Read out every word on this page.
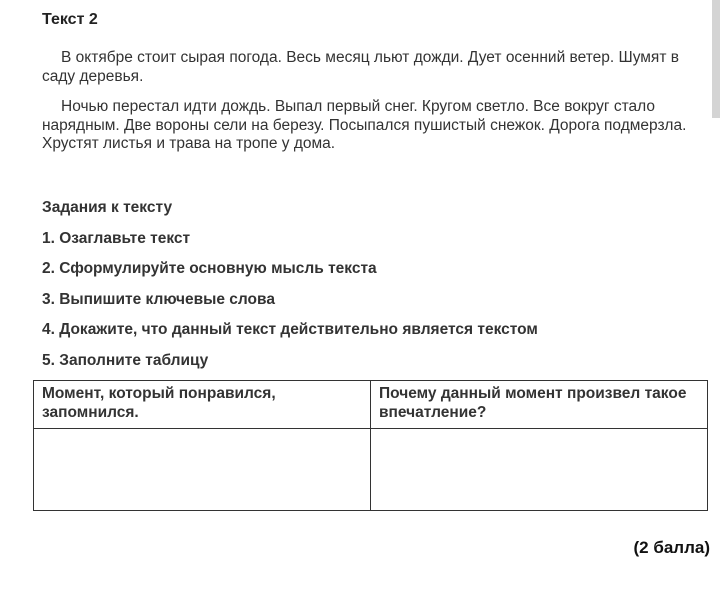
Текст 2

В октябре стоит сырая погода. Весь месяц льют дожди. Дует осенний ветер. Шумят в саду деревья.

Ночью перестал идти дождь. Выпал первый снег. Кругом светло. Все вокруг стало нарядным. Две вороны сели на березу. Посыпался пушистый снежок. Дорога подмерзла. Хрустят листья и трава на тропе у дома.

Задания к тексту
1. Озаглавьте текст
2. Сформулируйте основную мысль текста
3. Выпишите ключевые слова
4. Докажите, что данный текст действительно является текстом
5. Заполните таблицу
Момент, который понравился, запомнился.	Почему данный момент произвел такое впечатление?

(2 балла)
